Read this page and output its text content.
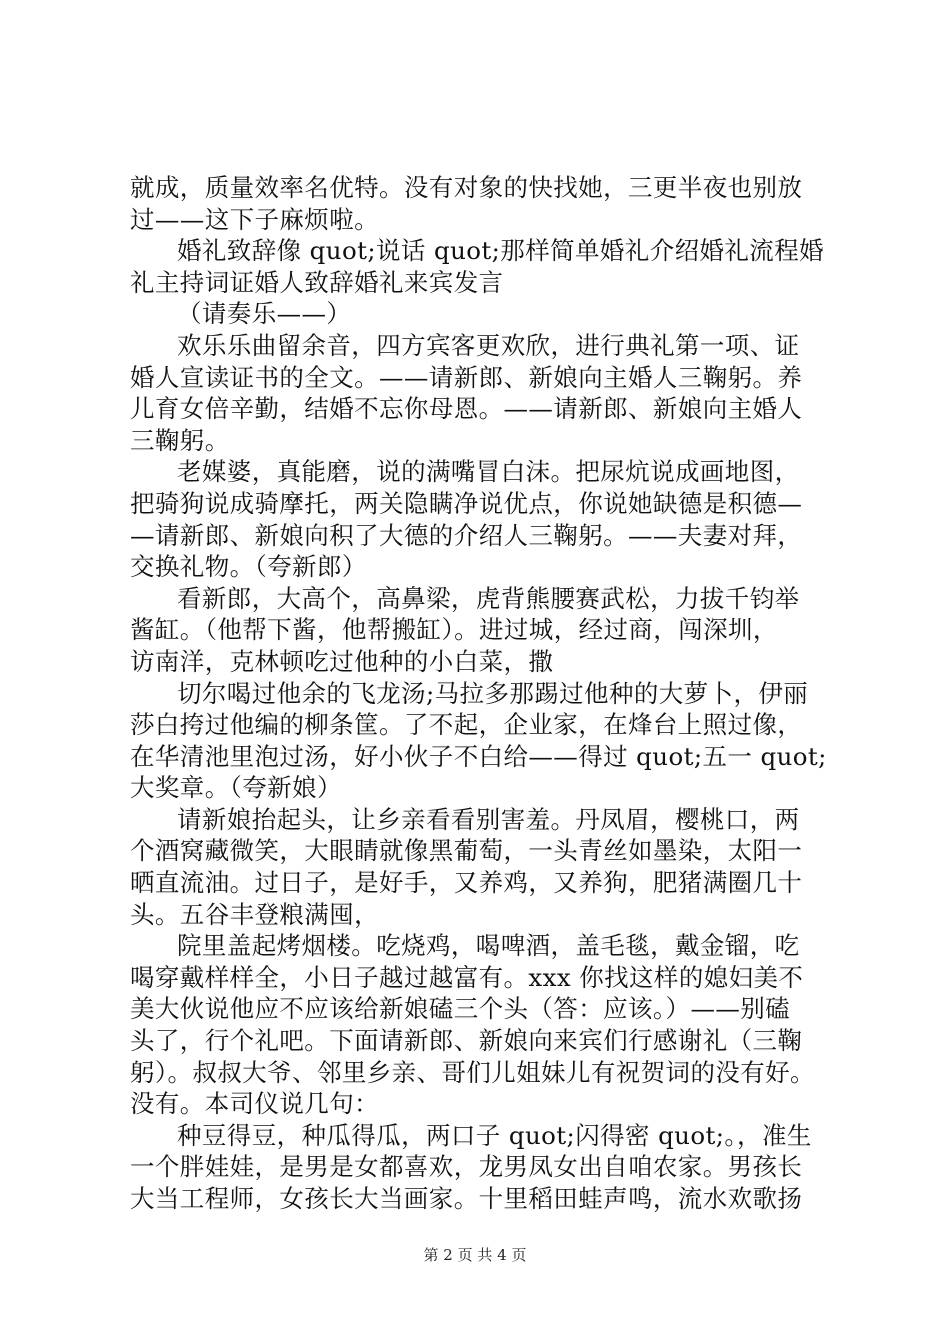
就成，质量效率名优特。没有对象的快找她，三更半夜也别放
过——这下子麻烦啦。
婚礼致辞像 quot;说话 quot;那样简单婚礼介绍婚礼流程婚
礼主持词证婚人致辞婚礼来宾发言
（请奏乐——）
欢乐乐曲留余音，四方宾客更欢欣，进行典礼第一项、证
婚人宣读证书的全文。——请新郎、新娘向主婚人三鞠躬。养
儿育女倍辛勤，结婚不忘你母恩。——请新郎、新娘向主婚人
三鞠躬。
老媒婆，真能磨，说的满嘴冒白沫。把尿炕说成画地图，
把骑狗说成骑摩托，两关隐瞒净说优点，你说她缺德是积德—
—请新郎、新娘向积了大德的介绍人三鞠躬。——夫妻对拜，
交换礼物。（夸新郎）
看新郎，大高个，高鼻梁，虎背熊腰赛武松，力拔千钧举
酱缸。（他帮下酱，他帮搬缸）。进过城，经过商，闯深圳，
访南洋，克林顿吃过他种的小白菜，撒
切尔喝过他余的飞龙汤;马拉多那踢过他种的大萝卜，伊丽
莎白挎过他编的柳条筐。了不起，企业家，在烽台上照过像，
在华清池里泡过汤，好小伙子不白给——得过 quot;五一 quot;
大奖章。（夸新娘）
请新娘抬起头，让乡亲看看别害羞。丹凤眉，樱桃口，两
个酒窝藏微笑，大眼睛就像黑葡萄，一头青丝如墨染，太阳一
晒直流油。过日子，是好手，又养鸡，又养狗，肥猪满圈几十
头。五谷丰登粮满囤，
院里盖起烤烟楼。吃烧鸡，喝啤酒，盖毛毯，戴金镏，吃
喝穿戴样样全，小日子越过越富有。xxx 你找这样的媳妇美不
美大伙说他应不应该给新娘磕三个头（答：应该。）——别磕
头了，行个礼吧。下面请新郎、新娘向来宾们行感谢礼（三鞠
躬）。叔叔大爷、邻里乡亲、哥们儿姐妹儿有祝贺词的没有好。
没有。本司仪说几句：
种豆得豆，种瓜得瓜，两口子 quot;闪得密 quot;。，准生
一个胖娃娃，是男是女都喜欢，龙男凤女出自咱农家。男孩长
大当工程师，女孩长大当画家。十里稻田蛙声鸣，流水欢歌扬
第 2 页 共 4 页
